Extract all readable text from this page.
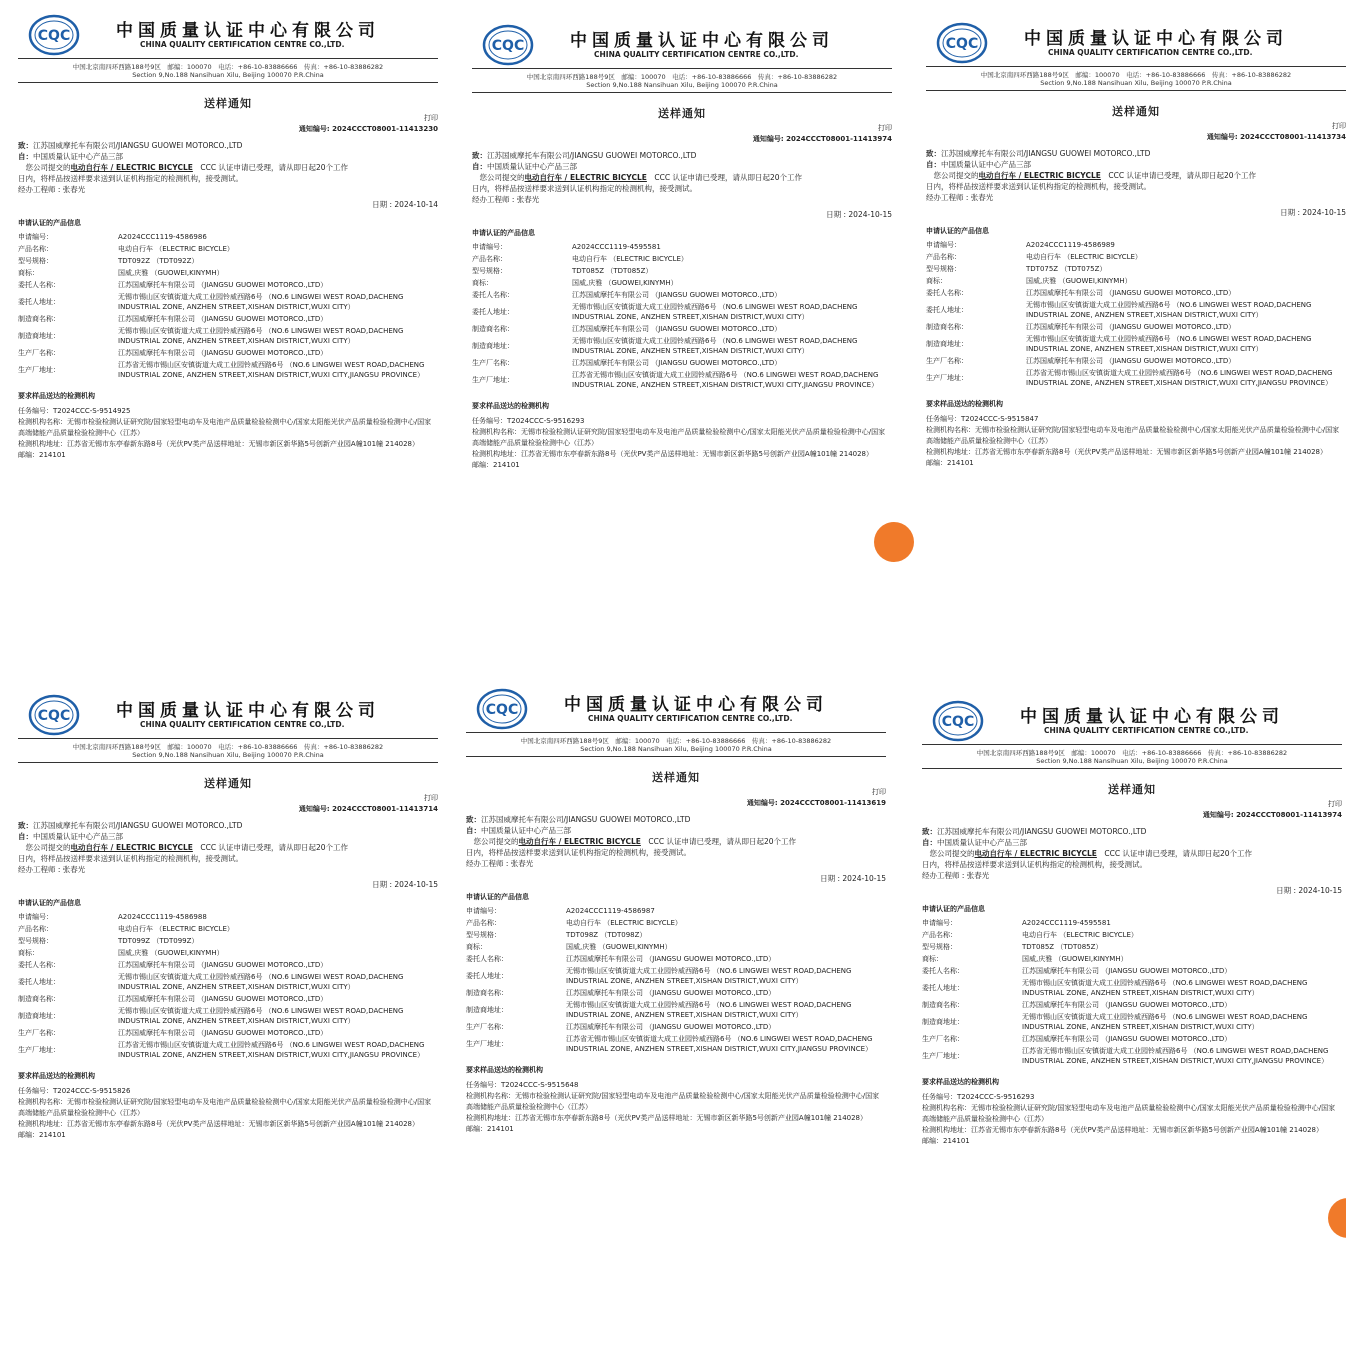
CQC	中国质量认证中心有限公司
CHINA QUALITY CERTIFICATION CENTRE CO.,LTD.
中国北京南四环西路188号9区　邮编：100070　电话：+86-10-83886666　传真：+86-10-83886282
Section 9,No.188 Nansihuan Xilu, Beijing 100070 P.R.China
送样通知
打印
通知编号: 2024CCCT08001-11413230
致：江苏国威摩托车有限公司/JIANGSU GUOWEI MOTORCO.,LTD
自：中国质量认证中心产品三部
　您公司提交的电动自行车 / ELECTRIC BICYCLE　 CCC 认证申请已受理，请从即日起20个工作
日内，将样品按送样要求送到认证机构指定的检测机构，接受测试。
经办工程师 : 张春光
日期 : 2024-10-14
申请认证的产品信息
申请编号：	A2024CCC1119-4586986
产品名称：	电动自行车 （ELECTRIC BICYCLE）
型号规格：	TDT092Z （TDT092Z）
商标：	国威,庆雅 （GUOWEI,KINYMH）
委托人名称：	江苏国威摩托车有限公司 （JIANGSU GUOWEI MOTORCO.,LTD）
委托人地址：	无锡市锡山区安镇街道大成工业园铃威西路6号 （NO.6 LINGWEI WEST ROAD,DACHENG INDUSTRIAL ZONE, ANZHEN STREET,XISHAN DISTRICT,WUXI CITY）
制造商名称：	江苏国威摩托车有限公司 （JIANGSU GUOWEI MOTORCO.,LTD）
制造商地址：	无锡市锡山区安镇街道大成工业园铃威西路6号 （NO.6 LINGWEI WEST ROAD,DACHENG INDUSTRIAL ZONE, ANZHEN STREET,XISHAN DISTRICT,WUXI CITY）
生产厂名称：	江苏国威摩托车有限公司 （JIANGSU GUOWEI MOTORCO.,LTD）
生产厂地址：	江苏省无锡市锡山区安镇街道大成工业园铃威西路6号 （NO.6 LINGWEI WEST ROAD,DACHENG INDUSTRIAL ZONE, ANZHEN STREET,XISHAN DISTRICT,WUXI CITY,JIANGSU PROVINCE）
要求样品送达的检测机构
任务编号：T2024CCC-S-9514925
检测机构名称：无锡市检验检测认证研究院/国家轻型电动车及电池产品质量检验检测中心/国家太阳能光伏产品质量检验检测中心/国家高端储能产品质量检验检测中心（江苏）
检测机构地址：江苏省无锡市东亭春新东路8号（光伏PV类产品送样地址：无锡市新区新华路5号创新产业园A幢101幢 214028）
邮编：214101
CQC	中国质量认证中心有限公司
CHINA QUALITY CERTIFICATION CENTRE CO.,LTD.
中国北京南四环西路188号9区　邮编：100070　电话：+86-10-83886666　传真：+86-10-83886282
Section 9,No.188 Nansihuan Xilu, Beijing 100070 P.R.China
送样通知
打印
通知编号: 2024CCCT08001-11413974
致：江苏国威摩托车有限公司/JIANGSU GUOWEI MOTORCO.,LTD
自：中国质量认证中心产品三部
　您公司提交的电动自行车 / ELECTRIC BICYCLE　 CCC 认证申请已受理，请从即日起20个工作
日内，将样品按送样要求送到认证机构指定的检测机构，接受测试。
经办工程师 : 张春光
日期 : 2024-10-15
申请认证的产品信息
申请编号：	A2024CCC1119-4595581
产品名称：	电动自行车 （ELECTRIC BICYCLE）
型号规格：	TDT085Z （TDT085Z）
商标：	国威,庆雅 （GUOWEI,KINYMH）
委托人名称：	江苏国威摩托车有限公司 （JIANGSU GUOWEI MOTORCO.,LTD）
委托人地址：	无锡市锡山区安镇街道大成工业园铃威西路6号 （NO.6 LINGWEI WEST ROAD,DACHENG INDUSTRIAL ZONE, ANZHEN STREET,XISHAN DISTRICT,WUXI CITY）
制造商名称：	江苏国威摩托车有限公司 （JIANGSU GUOWEI MOTORCO.,LTD）
制造商地址：	无锡市锡山区安镇街道大成工业园铃威西路6号 （NO.6 LINGWEI WEST ROAD,DACHENG INDUSTRIAL ZONE, ANZHEN STREET,XISHAN DISTRICT,WUXI CITY）
生产厂名称：	江苏国威摩托车有限公司 （JIANGSU GUOWEI MOTORCO.,LTD）
生产厂地址：	江苏省无锡市锡山区安镇街道大成工业园铃威西路6号 （NO.6 LINGWEI WEST ROAD,DACHENG INDUSTRIAL ZONE, ANZHEN STREET,XISHAN DISTRICT,WUXI CITY,JIANGSU PROVINCE）
要求样品送达的检测机构
任务编号：T2024CCC-S-9516293
检测机构名称：无锡市检验检测认证研究院/国家轻型电动车及电池产品质量检验检测中心/国家太阳能光伏产品质量检验检测中心/国家高端储能产品质量检验检测中心（江苏）
检测机构地址：江苏省无锡市东亭春新东路8号（光伏PV类产品送样地址：无锡市新区新华路5号创新产业园A幢101幢 214028）
邮编：214101
CQC	中国质量认证中心有限公司
CHINA QUALITY CERTIFICATION CENTRE CO.,LTD.
中国北京南四环西路188号9区　邮编：100070　电话：+86-10-83886666　传真：+86-10-83886282
Section 9,No.188 Nansihuan Xilu, Beijing 100070 P.R.China
送样通知
打印
通知编号: 2024CCCT08001-11413734
致：江苏国威摩托车有限公司/JIANGSU GUOWEI MOTORCO.,LTD
自：中国质量认证中心产品三部
　您公司提交的电动自行车 / ELECTRIC BICYCLE　 CCC 认证申请已受理，请从即日起20个工作
日内，将样品按送样要求送到认证机构指定的检测机构，接受测试。
经办工程师 : 张春光
日期 : 2024-10-15
申请认证的产品信息
申请编号：	A2024CCC1119-4586989
产品名称：	电动自行车 （ELECTRIC BICYCLE）
型号规格：	TDT075Z （TDT075Z）
商标：	国威,庆雅 （GUOWEI,KINYMH）
委托人名称：	江苏国威摩托车有限公司 （JIANGSU GUOWEI MOTORCO.,LTD）
委托人地址：	无锡市锡山区安镇街道大成工业园铃威西路6号 （NO.6 LINGWEI WEST ROAD,DACHENG INDUSTRIAL ZONE, ANZHEN STREET,XISHAN DISTRICT,WUXI CITY）
制造商名称：	江苏国威摩托车有限公司 （JIANGSU GUOWEI MOTORCO.,LTD）
制造商地址：	无锡市锡山区安镇街道大成工业园铃威西路6号 （NO.6 LINGWEI WEST ROAD,DACHENG INDUSTRIAL ZONE, ANZHEN STREET,XISHAN DISTRICT,WUXI CITY）
生产厂名称：	江苏国威摩托车有限公司 （JIANGSU GUOWEI MOTORCO.,LTD）
生产厂地址：	江苏省无锡市锡山区安镇街道大成工业园铃威西路6号 （NO.6 LINGWEI WEST ROAD,DACHENG INDUSTRIAL ZONE, ANZHEN STREET,XISHAN DISTRICT,WUXI CITY,JIANGSU PROVINCE）
要求样品送达的检测机构
任务编号：T2024CCC-S-9515847
检测机构名称：无锡市检验检测认证研究院/国家轻型电动车及电池产品质量检验检测中心/国家太阳能光伏产品质量检验检测中心/国家高端储能产品质量检验检测中心（江苏）
检测机构地址：江苏省无锡市东亭春新东路8号（光伏PV类产品送样地址：无锡市新区新华路5号创新产业园A幢101幢 214028）
邮编：214101
CQC	中国质量认证中心有限公司
CHINA QUALITY CERTIFICATION CENTRE CO.,LTD.
中国北京南四环西路188号9区　邮编：100070　电话：+86-10-83886666　传真：+86-10-83886282
Section 9,No.188 Nansihuan Xilu, Beijing 100070 P.R.China
送样通知
打印
通知编号: 2024CCCT08001-11413714
致：江苏国威摩托车有限公司/JIANGSU GUOWEI MOTORCO.,LTD
自：中国质量认证中心产品三部
　您公司提交的电动自行车 / ELECTRIC BICYCLE　 CCC 认证申请已受理，请从即日起20个工作
日内，将样品按送样要求送到认证机构指定的检测机构，接受测试。
经办工程师 : 张春光
日期 : 2024-10-15
申请认证的产品信息
申请编号：	A2024CCC1119-4586988
产品名称：	电动自行车 （ELECTRIC BICYCLE）
型号规格：	TDT099Z （TDT099Z）
商标：	国威,庆雅 （GUOWEI,KINYMH）
委托人名称：	江苏国威摩托车有限公司 （JIANGSU GUOWEI MOTORCO.,LTD）
委托人地址：	无锡市锡山区安镇街道大成工业园铃威西路6号 （NO.6 LINGWEI WEST ROAD,DACHENG INDUSTRIAL ZONE, ANZHEN STREET,XISHAN DISTRICT,WUXI CITY）
制造商名称：	江苏国威摩托车有限公司 （JIANGSU GUOWEI MOTORCO.,LTD）
制造商地址：	无锡市锡山区安镇街道大成工业园铃威西路6号 （NO.6 LINGWEI WEST ROAD,DACHENG INDUSTRIAL ZONE, ANZHEN STREET,XISHAN DISTRICT,WUXI CITY）
生产厂名称：	江苏国威摩托车有限公司 （JIANGSU GUOWEI MOTORCO.,LTD）
生产厂地址：	江苏省无锡市锡山区安镇街道大成工业园铃威西路6号 （NO.6 LINGWEI WEST ROAD,DACHENG INDUSTRIAL ZONE, ANZHEN STREET,XISHAN DISTRICT,WUXI CITY,JIANGSU PROVINCE）
要求样品送达的检测机构
任务编号：T2024CCC-S-9515826
检测机构名称：无锡市检验检测认证研究院/国家轻型电动车及电池产品质量检验检测中心/国家太阳能光伏产品质量检验检测中心/国家高端储能产品质量检验检测中心（江苏）
检测机构地址：江苏省无锡市东亭春新东路8号（光伏PV类产品送样地址：无锡市新区新华路5号创新产业园A幢101幢 214028）
邮编：214101
CQC	中国质量认证中心有限公司
CHINA QUALITY CERTIFICATION CENTRE CO.,LTD.
中国北京南四环西路188号9区　邮编：100070　电话：+86-10-83886666　传真：+86-10-83886282
Section 9,No.188 Nansihuan Xilu, Beijing 100070 P.R.China
送样通知
打印
通知编号: 2024CCCT08001-11413619
致：江苏国威摩托车有限公司/JIANGSU GUOWEI MOTORCO.,LTD
自：中国质量认证中心产品三部
　您公司提交的电动自行车 / ELECTRIC BICYCLE　 CCC 认证申请已受理，请从即日起20个工作
日内，将样品按送样要求送到认证机构指定的检测机构，接受测试。
经办工程师 : 张春光
日期 : 2024-10-15
申请认证的产品信息
申请编号：	A2024CCC1119-4586987
产品名称：	电动自行车 （ELECTRIC BICYCLE）
型号规格：	TDT098Z （TDT098Z）
商标：	国威,庆雅 （GUOWEI,KINYMH）
委托人名称：	江苏国威摩托车有限公司 （JIANGSU GUOWEI MOTORCO.,LTD）
委托人地址：	无锡市锡山区安镇街道大成工业园铃威西路6号 （NO.6 LINGWEI WEST ROAD,DACHENG INDUSTRIAL ZONE, ANZHEN STREET,XISHAN DISTRICT,WUXI CITY）
制造商名称：	江苏国威摩托车有限公司 （JIANGSU GUOWEI MOTORCO.,LTD）
制造商地址：	无锡市锡山区安镇街道大成工业园铃威西路6号 （NO.6 LINGWEI WEST ROAD,DACHENG INDUSTRIAL ZONE, ANZHEN STREET,XISHAN DISTRICT,WUXI CITY）
生产厂名称：	江苏国威摩托车有限公司 （JIANGSU GUOWEI MOTORCO.,LTD）
生产厂地址：	江苏省无锡市锡山区安镇街道大成工业园铃威西路6号 （NO.6 LINGWEI WEST ROAD,DACHENG INDUSTRIAL ZONE, ANZHEN STREET,XISHAN DISTRICT,WUXI CITY,JIANGSU PROVINCE）
要求样品送达的检测机构
任务编号：T2024CCC-S-9515648
检测机构名称：无锡市检验检测认证研究院/国家轻型电动车及电池产品质量检验检测中心/国家太阳能光伏产品质量检验检测中心/国家高端储能产品质量检验检测中心（江苏）
检测机构地址：江苏省无锡市东亭春新东路8号（光伏PV类产品送样地址：无锡市新区新华路5号创新产业园A幢101幢 214028）
邮编：214101
CQC	中国质量认证中心有限公司
CHINA QUALITY CERTIFICATION CENTRE CO.,LTD.
中国北京南四环西路188号9区　邮编：100070　电话：+86-10-83886666　传真：+86-10-83886282
Section 9,No.188 Nansihuan Xilu, Beijing 100070 P.R.China
送样通知
打印
通知编号: 2024CCCT08001-11413974
致：江苏国威摩托车有限公司/JIANGSU GUOWEI MOTORCO.,LTD
自：中国质量认证中心产品三部
　您公司提交的电动自行车 / ELECTRIC BICYCLE　 CCC 认证申请已受理，请从即日起20个工作
日内，将样品按送样要求送到认证机构指定的检测机构，接受测试。
经办工程师 : 张春光
日期 : 2024-10-15
申请认证的产品信息
申请编号：	A2024CCC1119-4595581
产品名称：	电动自行车 （ELECTRIC BICYCLE）
型号规格：	TDT085Z （TDT085Z）
商标：	国威,庆雅 （GUOWEI,KINYMH）
委托人名称：	江苏国威摩托车有限公司 （JIANGSU GUOWEI MOTORCO.,LTD）
委托人地址：	无锡市锡山区安镇街道大成工业园铃威西路6号 （NO.6 LINGWEI WEST ROAD,DACHENG INDUSTRIAL ZONE, ANZHEN STREET,XISHAN DISTRICT,WUXI CITY）
制造商名称：	江苏国威摩托车有限公司 （JIANGSU GUOWEI MOTORCO.,LTD）
制造商地址：	无锡市锡山区安镇街道大成工业园铃威西路6号 （NO.6 LINGWEI WEST ROAD,DACHENG INDUSTRIAL ZONE, ANZHEN STREET,XISHAN DISTRICT,WUXI CITY）
生产厂名称：	江苏国威摩托车有限公司 （JIANGSU GUOWEI MOTORCO.,LTD）
生产厂地址：	江苏省无锡市锡山区安镇街道大成工业园铃威西路6号 （NO.6 LINGWEI WEST ROAD,DACHENG INDUSTRIAL ZONE, ANZHEN STREET,XISHAN DISTRICT,WUXI CITY,JIANGSU PROVINCE）
要求样品送达的检测机构
任务编号：T2024CCC-S-9516293
检测机构名称：无锡市检验检测认证研究院/国家轻型电动车及电池产品质量检验检测中心/国家太阳能光伏产品质量检验检测中心/国家高端储能产品质量检验检测中心（江苏）
检测机构地址：江苏省无锡市东亭春新东路8号（光伏PV类产品送样地址：无锡市新区新华路5号创新产业园A幢101幢 214028）
邮编：214101
